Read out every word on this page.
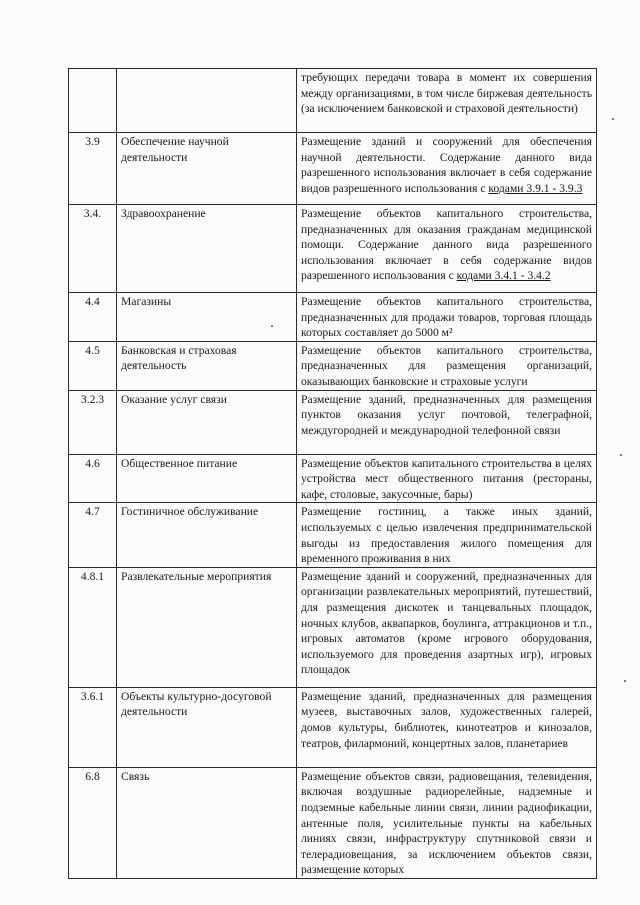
		требующих передачи товара в момент их совершения между организациями, в том числе биржевая деятельность (за исключением банковской и страховой деятельности)
3.9	Обеспечение научной деятельности	Размещение зданий и сооружений для обеспечения научной деятельности. Содержание данного вида разрешенного использования включает в себя содержание видов разрешенного использования с кодами 3.9.1 - 3.9.3
3.4.	Здравоохранение	Размещение объектов капитального строительства, предназначенных для оказания гражданам медицинской помощи. Содержание данного вида разрешенного использования включает в себя содержание видов разрешенного использования с кодами 3.4.1 - 3.4.2
4.4	Магазины	Размещение объектов капитального строительства, предназначенных для продажи товаров, торговая площадь которых составляет до 5000 м²
4.5	Банковская и страховая деятельность	Размещение объектов капитального строительства, предназначенных для размещения организаций, оказывающих банковские и страховые услуги
3.2.3	Оказание услуг связи	Размещение зданий, предназначенных для размещения пунктов оказания услуг почтовой, телеграфной, междугородней и международной телефонной связи
4.6	Общественное питание	Размещение объектов капитального строительства в целях устройства мест общественного питания (рестораны, кафе, столовые, закусочные, бары)
4.7	Гостиничное обслуживание	Размещение гостиниц, а также иных зданий, используемых с целью извлечения предпринимательской выгоды из предоставления жилого помещения для временного проживания в них
4.8.1	Развлекательные мероприятия	Размещение зданий и сооружений, предназначенных для организации развлекательных мероприятий, путешествий, для размещения дискотек и танцевальных площадок, ночных клубов, аквапарков, боулинга, аттракционов и т.п., игровых автоматов (кроме игрового оборудования, используемого для проведения азартных игр), игровых площадок
3.6.1	Объекты культурно-досуговой деятельности	Размещение зданий, предназначенных для размещения музеев, выставочных залов, художественных галерей, домов культуры, библиотек, кинотеатров и кинозалов, театров, филармоний, концертных залов, планетариев
6.8	Связь	Размещение объектов связи, радиовещания, телевидения, включая воздушные радиорелейные, надземные и подземные кабельные линии связи, линии радиофикации, антенные поля, усилительные пункты на кабельных линиях связи, инфраструктуру спутниковой связи и телерадиовещания, за исключением объектов связи, размещение которых
